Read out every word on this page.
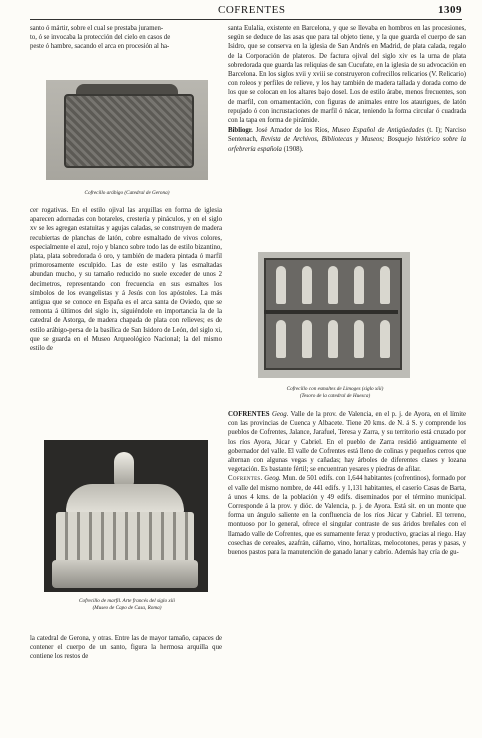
COFRENTES	1309

santo ó mártir, sobre el cual se prestaba juramen-

to, ó se invocaba la protección del cielo en casos de

peste ó hambre, sacando el arca en procesión al ha-

Cofrecillo arábigo (Catedral de Gerona)

cer rogativas. En el estilo ojival las arquillas en forma de iglesia aparecen adornadas con botareles, crestería y pináculos, y en el siglo xv se les agregan estatuitas y agujas caladas, se construyen de madera recubiertas de planchas de latón, cobre esmaltado de vivos colores, especialmente el azul, rojo y blanco sobre todo las de estilo bizantino, plata, plata sobredorada ó oro, y también de madera pintada ó marfil primorosamente esculpido. Las de este estilo y las esmaltadas abundan mucho, y su tamaño reducido no suele exceder de unos 2 decímetros, representando con frecuencia en sus esmaltes los símbolos de los evangelistas y á Jesús con los apóstoles. La más antigua que se conoce en España es el arca santa de Oviedo, que se remonta á últimos del siglo ix, siguiéndole en importancia la de la catedral de Astorga, de madera chapada de plata con relieves; es de estilo arábigo-persa de la basílica de San Isidoro de León, del siglo xi, que se guarda en el Museo Arqueológico Nacional; la del mismo estilo de

Cofrecillo de marfil. Arte francés del siglo xiii
(Museo de Capo de Casa, Roma)

la catedral de Gerona, y otras. Entre las de mayor tamaño, capaces de contener el cuerpo de un santo, figura la hermosa arquilla que contiene los restos de

santa Eulalia, existente en Barcelona, y que se llevaba en hombros en las procesiones, según se deduce de las asas que para tal objeto tiene, y la que guarda el cuerpo de san Isidro, que se conserva en la iglesia de San Andrés en Madrid, de plata calada, regalo de la Corporación de plateros. De factura ojival del siglo xiv es la urna de plata sobredorada que guarda las reliquias de san Cucufate, en la iglesia de su advocación en Barcelona. En los siglos xvii y xviii se construyeron cofrecillos relicarios (V. Relicario) con roleos y perfiles de relieve, y los hay también de madera tallada y dorada como de los que se colocan en los altares bajo dosel. Los de estilo árabe, menos frecuentes, son de marfil, con ornamentación, con figuras de animales entre los ataurigues, de latón repujado ó con incrustaciones de marfil ó nácar, teniendo la forma circular ó cuadrada con la tapa en forma de pirámide.

Bibliogr. José Amador de los Ríos, Museo Español de Antigüedades (t. I); Narciso Sentenach, Revista de Archivos, Bibliotecas y Museos; Bosquejo histórico sobre la orfebrería española (1908).

Cofrecillo con esmaltes de Limoges (siglo xiii)
(Tesoro de la catedral de Huesca)

COFRENTES Geog. Valle de la prov. de Valencia, en el p. j. de Ayora, en el límite con las provincias de Cuenca y Albacete. Tiene 20 kms. de N. á S. y comprende los pueblos de Cofrentes, Jalance, Jarafuel, Teresa y Zarra, y su territorio está cruzado por los ríos Ayora, Júcar y Cabriel. En el pueblo de Zarra residió antiguamente el gobernador del valle. El valle de Cofrentes está lleno de colinas y pequeños cerros que alternan con algunas vegas y cañadas; hay árboles de diferentes clases y lozana vegetación. Es bastante fértil; se encuentran yesares y piedras de afilar.

Cofrentes. Geog. Mun. de 501 edifs. con 1,644 habitantes (cofrentinos), formado por el valle del mismo nombre, de 441 edifs. y 1,131 habitantes, el caserío Casas de Barta, á unos 4 kms. de la población y 49 edifs. diseminados por el término municipal. Corresponde á la prov. y dióc. de Valencia, p. j. de Ayora. Está sit. en un monte que forma un ángulo saliente en la confluencia de los ríos Júcar y Cabriel. El terreno, montuoso por lo general, ofrece el singular contraste de sus áridos breñales con el llamado valle de Cofrentes, que es sumamente feraz y productivo, gracias al riego. Hay cosechas de cereales, azafrán, cáñamo, vino, hortalizas, melocotones, peras y pasas, y buenos pastos para la manutención de ganado lanar y cabrío. Además hay cría de gu-
